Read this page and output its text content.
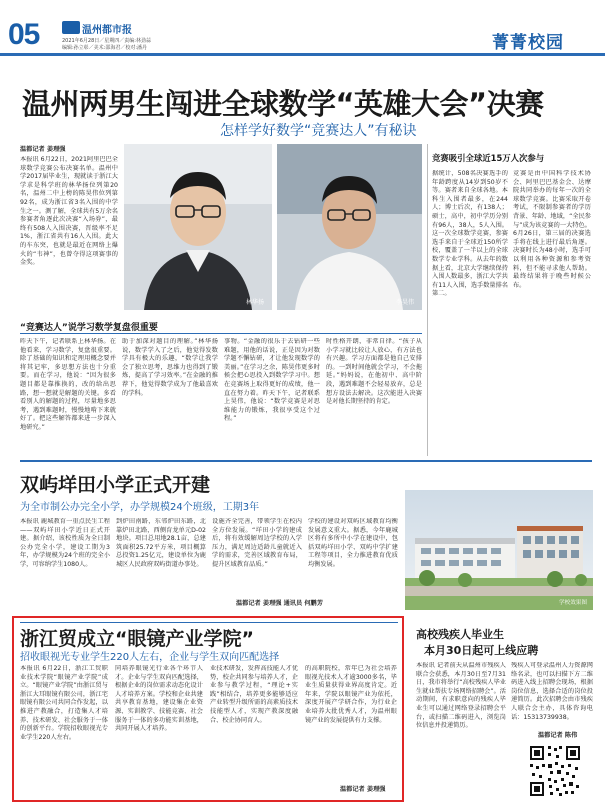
05	温州都市报
2021年6月28日／星期四／责编:林劲蒜
编辑:孙立彰／美术:邵海君／校对:潘丹	菁菁校园
温州两男生闯进全球数学“英雄大会”决赛
怎样学好数学“竞赛达人”有秘诀
温都记者 姜理强
本报讯 6月22日，2021阿里巴巴全球数学竞赛公布决赛名单。温州中学2017届毕业生，现就读于浙江大学求是科学班的林华扬位列第20名，温州二中上榜的陈昊伟位列第92名，成为浙江省3名入围的中学生之一。测了解，全球共有5万余名参赛者角逐此次决赛“入场券”，最终有508人入围决赛，晋级率不足1%，浙江省共有16人入围。此大的车东突，也就是最近在网络上爆火的“韦神”，也曾夺得这项赛事的金奖。
林华扬	李昊伟
“竞赛达人”说学习数学复盘很重要
昨天下午，记者联系上林华扬。在他看来，学习数学，复盘很重要。除了基础的知识和定理用概念要并将其记牢，多思想方法也十分重要。而在学习，他说：“因为很多题目都是靠推换的，改的给出思路，想一想就是解题的关键。多看看别人的解题的过程，尽量地多思考，遇到难题时，慢慢地啃下来就好了。把这些解答都来进一步深入地研究。”
助于加深对题目的理解。”林华扬说，数学学入了之后，他觉得发数学具有极大的乐趣，“数学让我学会了独立思考，思维力也得到了锻炼，提高了学习效率。”在金融的推荐下，他觉得数学成为了他最喜欢的学科。
事物。“金融的很乐于去钻研一些难题，用他的话说，正是因为对数学题不懈钻研，才让他发现数学的美丽。”在学习之余，陈昊伟更多时候会把心思投入到数学学习中。想在竞赛场上取得更好的成绩，他一直在努力着。昨天下午，记者联系上昊伟，他说：“数学竞赛是对思维能力的锻炼，我很享受这个过程。”
时性格开朗，非常自律。“孩子从小学习就比较让人放心，有方法也有兴趣。学习方面都是他自己安排的。一到时间他就会学习，不会拖延。”妈妈说，在他初中、高中阶段，遇到难题不会轻易放弃，总是想方设法去解决。这次能进入决赛是对他长期坚持的肯定。
竞赛吸引全球近15万人次参与
据统计，508名决赛选手的年龄跨度从14岁到50岁不等。赛者来自全球各地。本科生入围者最多，在244人；博士后次，有138人；硕士，高中，初中学历分别有96人，38人，5人入围。这一次全球数学竞赛，参赛选手来自于全球近150所学校，覆盖了一半以上的全球数学专业学科。从去年的数据上看，北京大学继续保持入围人数最多，浙江大学共有11人入围，选手数量排名第二。
竞赛是由中国科学技术协会、阿里巴巴基金会、达摩院共同举办的每年一次的全球数学竞赛。比赛采取开卷考试，不限制参赛者的学历背景、年龄、地域，“全民参与”成为该竞赛的一大特色。6月26日，第三届的决赛选手将在线上进行最后角逐。决赛时长为48小时，选手可以利用各种资源和参考资料，但不能寻求他人帮助。最终结果将于晚些时候公布。
双屿垟田小学正式开建
为全市制公办完全小学，办学规模24个班级，工期3年
本报讯 鹿城教育一重点民生工程——双屿垟田小学近日正式开建。据介绍，该校性质为全日制公办完全小学，建设工期为3年，办学规模为24个班的完全小学，可容纳学生1080人。
到炉田南路，东邻炉田东路，北靠炉田北路，西侧育龙单元D-02地块。项目总用地28.1亩，总建筑面积25.72平方米，项目概算总投资1.25亿元，建设单位为鹿城区人民政府双屿街道办事处。
设施齐全完善，带领学生在校内全方位发展。“垟田小学的建成后，将有效缓解周边学校的入学压力，满足周边适龄儿童就近入学的需求，完善区域教育布局，提升区域教育品质。”
学校的建设对双屿区域教育均衡发展意义重大。据悉，今年鹿城区将有多所中小学在建设中，包括双屿垟田小学、双屿中学扩建工程等项目，全力推进教育优质均衡发展。
温都记者 姜理强 通讯员 何鹏芳	学校效果图
浙江贸成立“眼镜产业学院”
招收眼视光专业学生220人左右，企业与学生双向匹配选择
本报讯 6月22日，浙江工贸职业技术学院“眼镜产业学院”成立。“眼镜产业学院”由浙江贸与浙江大耳眼镜有限公司，浙江宅眼镜有限公司共同合作发起，以推进产教融合，打造集人才培养、技术研发、社会服务于一体的创新平台。学院招收眼视光专业学生220人左右。
同培养眼镜光行业各个环节人才。企业与学生双向匹配选择，根据企业的岗位需求动态化设计人才培养方案。学校和企业共建共享教育基地，建设集企业资源、实训教学、技能竞赛、社会服务于一体的多功能实训基地，共同开展人才培养。
业技术研发，发挥高技能人才优势，校企共同参与培养人才，企业参与教学过程，“理论+实践”相结合，培养更多能够适应产业转型升级所需的高素质技术技能型人才，实现产教深度融合、校企协同育人。
的高职院校，常年已为社会培养眼视光技术人才逾3000多名，毕业生质量获得业界高度肯定。近年来，学院以眼镜产业为依托，深度开展产学研合作，为行业企业培养大批优秀人才，为温州眼镜产业的发展提供有力支撑。
温都记者 姜理强
高校残疾人毕业生
本月30日起可上线应聘
本报讯 记者前天从温州市残疾人联合会获悉，本月30日至7月31日，我市将举行“高校残疾人毕业生就业帮扶专场网络招聘会”。活动期间，有求职意向的残疾人毕业生可以通过网络登录招聘会平台，或扫描二维码进入，浏览岗位信息并投递简历。
残疾人可登录温州人力资源网络名录，也可以扫描下方二维码进入线上招聘会现场，根据岗位信息，选择合适的岗位投递简历。此次招聘会由市残疾人联合会主办，具体咨询电话：15313739938。
温都记者 陈伟
